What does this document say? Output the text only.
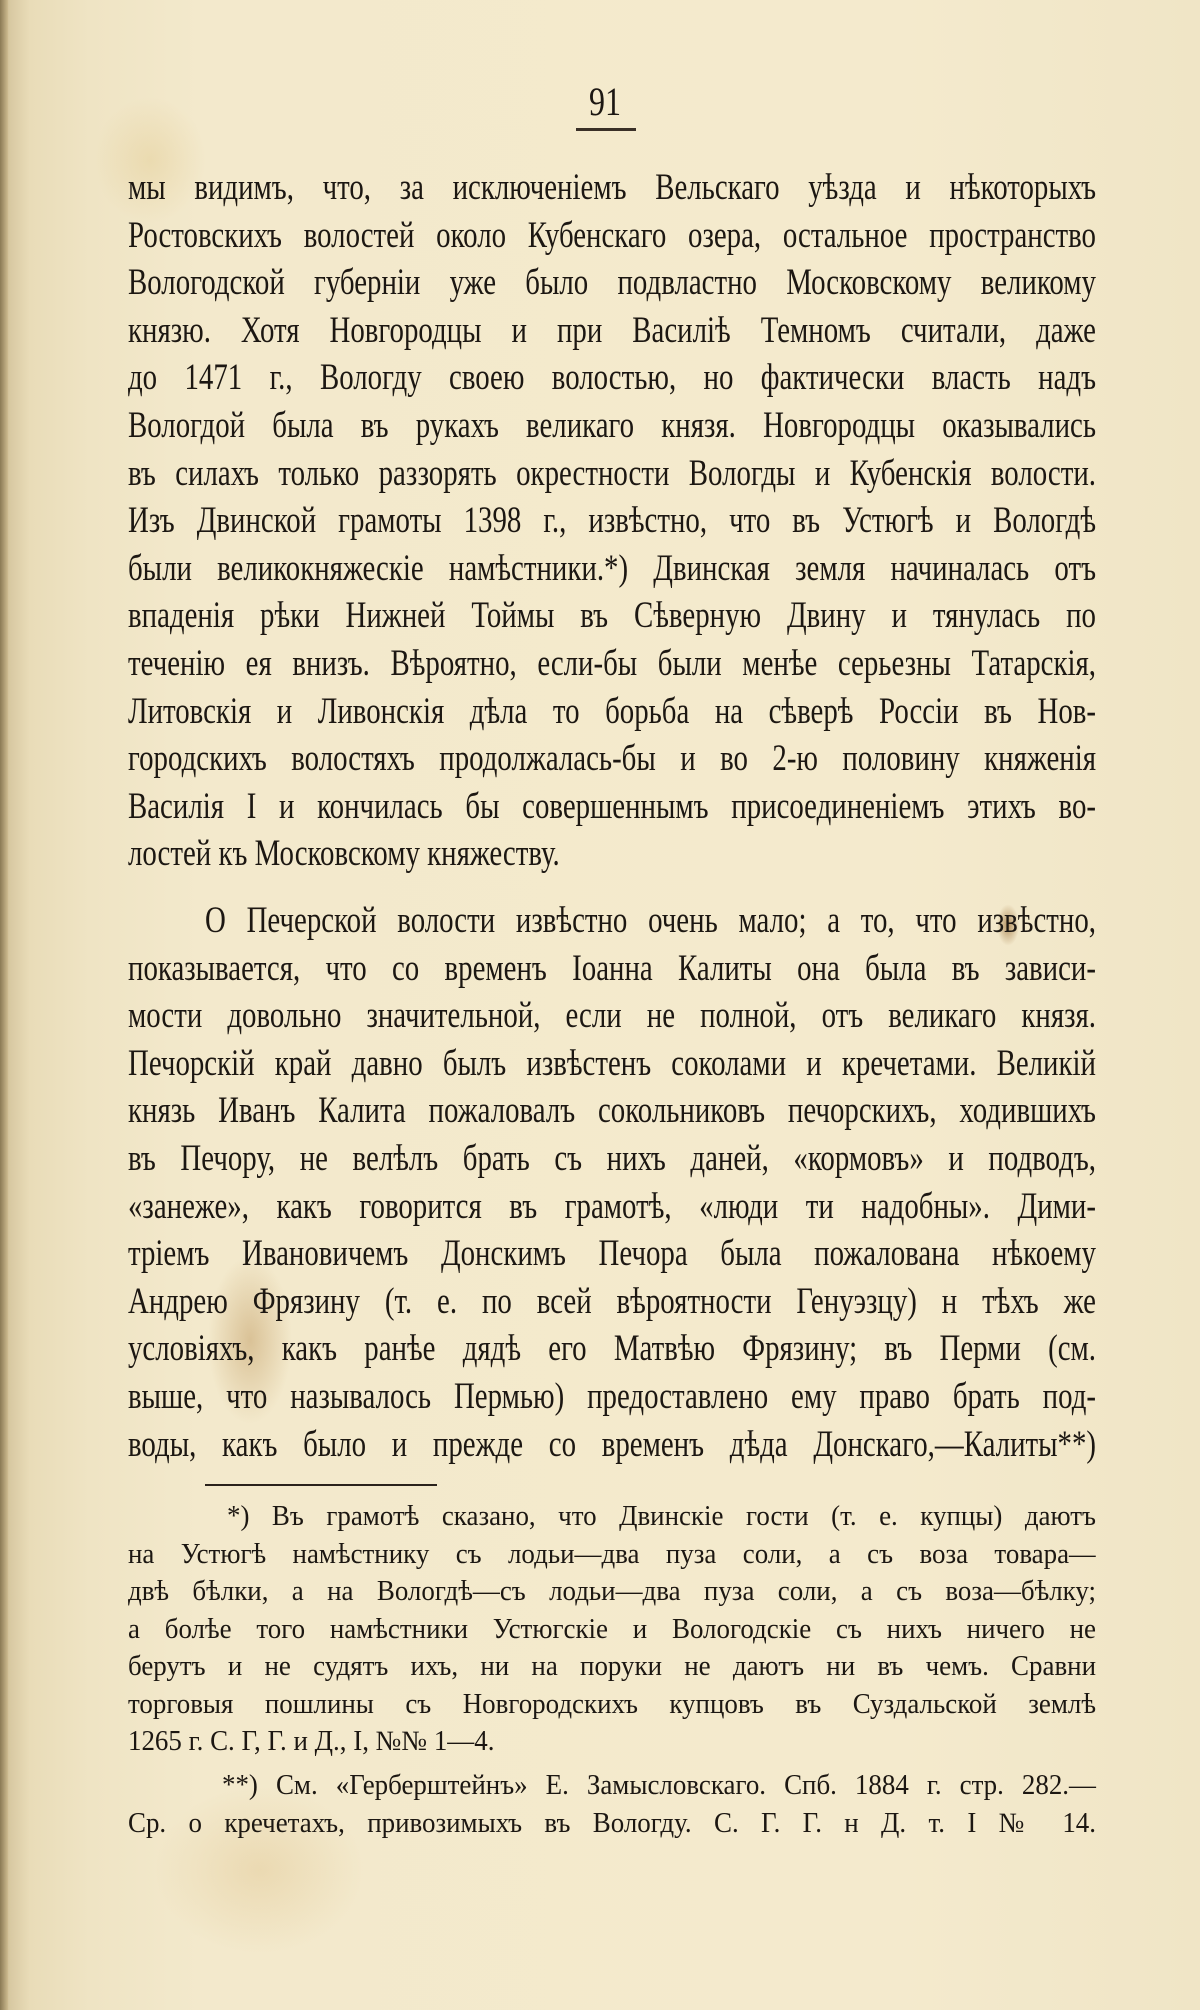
91
мы видимъ, что, за исключеніемъ Вельскаго уѣзда и нѣкоторыхъ
Ростовскихъ волостей около Кубенскаго озера, остальное пространство
Вологодской губерніи уже было подвластно Московскому великому
князю. Хотя Новгородцы и при Василіѣ Темномъ считали, даже
до 1471 г., Вологду своею волостью, но фактически власть надъ
Вологдой была въ рукахъ великаго князя. Новгородцы оказывались
въ силахъ только раззорять окрестности Вологды и Кубенскія волости.
Изъ Двинской грамоты 1398 г., извѣстно, что въ Устюгѣ и Вологдѣ
были великокняжескіе намѣстники.*) Двинская земля начиналась отъ
впаденія рѣки Нижней Тоймы въ Сѣверную Двину и тянулась по
теченію ея внизъ. Вѣроятно, если-бы были менѣе серьезны Татарскія,
Литовскія и Ливонскія дѣла то борьба на сѣверѣ Россіи въ Нов-
городскихъ волостяхъ продолжалась-бы и во 2-ю половину княженія
Василія I и кончилась бы совершеннымъ присоединеніемъ этихъ во-
лостей къ Московскому княжеству.
О Печерской волости извѣстно очень мало; а то, что извѣстно,
показывается, что со временъ Іоанна Калиты она была въ зависи-
мости довольно значительной, если не полной, отъ великаго князя.
Печорскій край давно былъ извѣстенъ соколами и кречетами. Великій
князь Иванъ Калита пожаловалъ сокольниковъ печорскихъ, ходившихъ
въ Печору, не велѣлъ брать съ нихъ даней, «кормовъ» и подводъ,
«занеже», какъ говорится въ грамотѣ, «люди ти надобны». Дими-
тріемъ Ивановичемъ Донскимъ Печора была пожалована нѣкоему
Андрею Фрязину (т. е. по всей вѣроятности Генуэзцу) н тѣхъ же
условіяхъ, какъ ранѣе дядѣ его Матвѣю Фрязину; въ Перми (см.
выше, что называлось Пермью) предоставлено ему право брать под-
воды, какъ было и прежде со временъ дѣда Донскаго,—Калиты**)
*) Въ грамотѣ сказано, что Двинскіе гости (т. е. купцы) даютъ
на Устюгѣ намѣстнику съ лодьи—два пуза соли, а съ воза товара—
двѣ бѣлки, а на Вологдѣ—съ лодьи—два пуза соли, а съ воза—бѣлку;
а болѣе того намѣстники Устюгскіе и Вологодскіе съ нихъ ничего не
берутъ и не судятъ ихъ, ни на поруки не даютъ ни въ чемъ. Сравни
торговыя пошлины съ Новгородскихъ купцовъ въ Суздальской землѣ
1265 г. С. Г, Г. и Д., I, №№ 1—4.
**) См. «Герберштейнъ» Е. Замысловскаго. Спб. 1884 г. стр. 282.—
Ср. о кречетахъ, привозимыхъ въ Вологду. С. Г. Г. н Д. т. I № 14.
